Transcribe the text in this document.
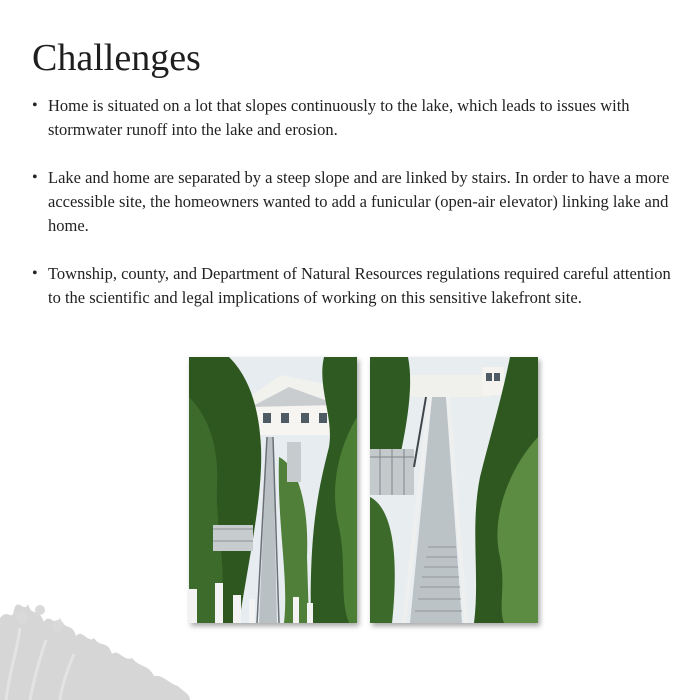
Challenges
• Home is situated on a lot that slopes continuously to the lake, which leads to issues with stormwater runoff into the lake and erosion.
• Lake and home are separated by a steep slope and are linked by stairs. In order to have a more accessible site, the homeowners wanted to add a funicular (open-air elevator) linking lake and home.
• Township, county, and Department of Natural Resources regulations required careful attention to the scientific and legal implications of working on this sensitive lakefront site.
